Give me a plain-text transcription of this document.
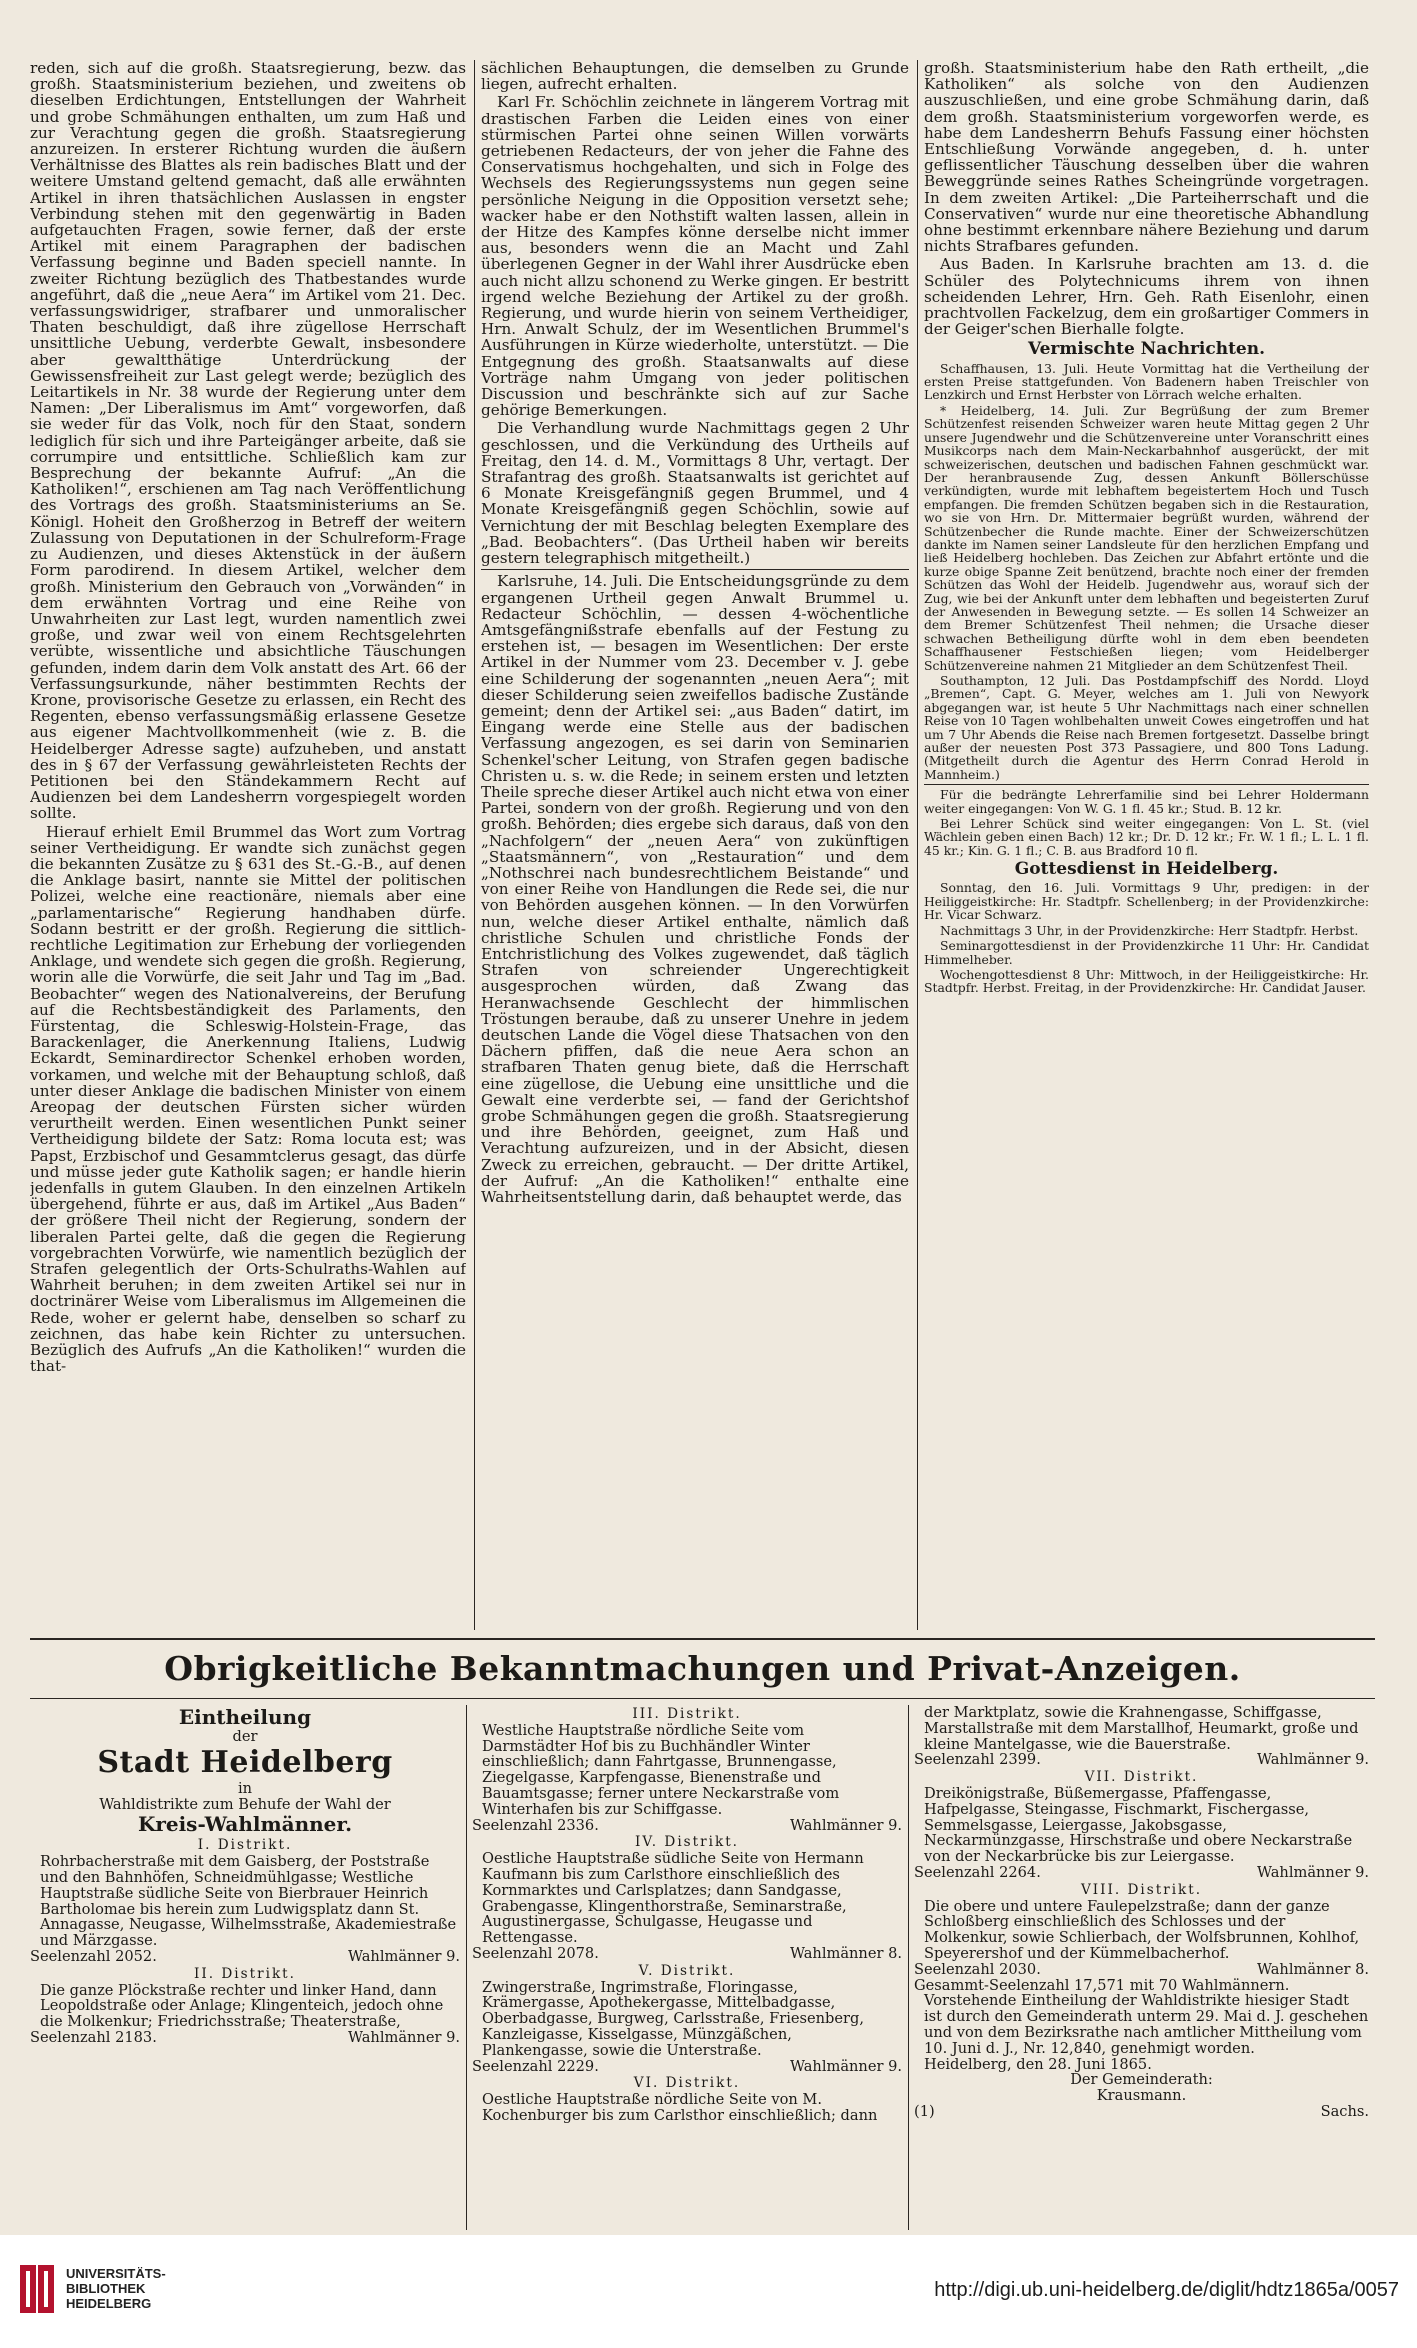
reden, sich auf die großh. Staatsregierung, bezw. das großh. Staatsministerium beziehen, und zweitens ob dieselben Erdichtungen, Entstellungen der Wahrheit und grobe Schmähungen enthalten, um zum Haß und zur Verachtung gegen die großh. Staatsregierung anzureizen. In ersterer Richtung wurden die äußern Verhältnisse des Blattes als rein badisches Blatt und der weitere Umstand geltend gemacht, daß alle erwähnten Artikel in ihren thatsächlichen Auslassen in engster Verbindung stehen mit den gegenwärtig in Baden aufgetauchten Fragen, sowie ferner, daß der erste Artikel mit einem Paragraphen der badischen Verfassung beginne und Baden speciell nannte. In zweiter Richtung bezüglich des Thatbestandes wurde angeführt, daß die „neue Aera“ im Artikel vom 21. Dec. verfassungswidriger, strafbarer und unmoralischer Thaten beschuldigt, daß ihre zügellose Herrschaft unsittliche Uebung, verderbte Gewalt, insbesondere aber gewaltthätige Unterdrückung der Gewissensfreiheit zur Last gelegt werde; bezüglich des Leitartikels in Nr. 38 wurde der Regierung unter dem Namen: „Der Liberalismus im Amt“ vorgeworfen, daß sie weder für das Volk, noch für den Staat, sondern lediglich für sich und ihre Parteigänger arbeite, daß sie corrumpire und entsittliche. Schließlich kam zur Besprechung der bekannte Aufruf: „An die Katholiken!“, erschienen am Tag nach Veröffentlichung des Vortrags des großh. Staatsministeriums an Se. Königl. Hoheit den Großherzog in Betreff der weitern Zulassung von Deputationen in der Schulreform-Frage zu Audienzen, und dieses Aktenstück in der äußern Form parodirend. In diesem Artikel, welcher dem großh. Ministerium den Gebrauch von „Vorwänden“ in dem erwähnten Vortrag und eine Reihe von Unwahrheiten zur Last legt, wurden namentlich zwei große, und zwar weil von einem Rechtsgelehrten verübte, wissentliche und absichtliche Täuschungen gefunden, indem darin dem Volk anstatt des Art. 66 der Verfassungsurkunde, näher bestimmten Rechts der Krone, provisorische Gesetze zu erlassen, ein Recht des Regenten, ebenso verfassungsmäßig erlassene Gesetze aus eigener Machtvollkommenheit (wie z. B. die Heidelberger Adresse sagte) aufzuheben, und anstatt des in § 67 der Verfassung gewährleisteten Rechts der Petitionen bei den Ständekammern Recht auf Audienzen bei dem Landesherrn vorgespiegelt worden sollte.

Hierauf erhielt Emil Brummel das Wort zum Vortrag seiner Vertheidigung. Er wandte sich zunächst gegen die bekannten Zusätze zu § 631 des St.-G.-B., auf denen die Anklage basirt, nannte sie Mittel der politischen Polizei, welche eine reactionäre, niemals aber eine „parlamentarische“ Regierung handhaben dürfe. Sodann bestritt er der großh. Regierung die sittlich-rechtliche Legitimation zur Erhebung der vorliegenden Anklage, und wendete sich gegen die großh. Regierung, worin alle die Vorwürfe, die seit Jahr und Tag im „Bad. Beobachter“ wegen des Nationalvereins, der Berufung auf die Rechtsbeständigkeit des Parlaments, den Fürstentag, die Schleswig-Holstein-Frage, das Barackenlager, die Anerkennung Italiens, Ludwig Eckardt, Seminardirector Schenkel erhoben worden, vorkamen, und welche mit der Behauptung schloß, daß unter dieser Anklage die badischen Minister von einem Areopag der deutschen Fürsten sicher würden verurtheilt werden. Einen wesentlichen Punkt seiner Vertheidigung bildete der Satz: Roma locuta est; was Papst, Erzbischof und Gesammtclerus gesagt, das dürfe und müsse jeder gute Katholik sagen; er handle hierin jedenfalls in gutem Glauben. In den einzelnen Artikeln übergehend, führte er aus, daß im Artikel „Aus Baden“ der größere Theil nicht der Regierung, sondern der liberalen Partei gelte, daß die gegen die Regierung vorgebrachten Vorwürfe, wie namentlich bezüglich der Strafen gelegentlich der Orts-Schulraths-Wahlen auf Wahrheit beruhen; in dem zweiten Artikel sei nur in doctrinärer Weise vom Liberalismus im Allgemeinen die Rede, woher er gelernt habe, denselben so scharf zu zeichnen, das habe kein Richter zu untersuchen. Bezüglich des Aufrufs „An die Katholiken!“ wurden die that-

sächlichen Behauptungen, die demselben zu Grunde liegen, aufrecht erhalten.

Karl Fr. Schöchlin zeichnete in längerem Vortrag mit drastischen Farben die Leiden eines von einer stürmischen Partei ohne seinen Willen vorwärts getriebenen Redacteurs, der von jeher die Fahne des Conservatismus hochgehalten, und sich in Folge des Wechsels des Regierungssystems nun gegen seine persönliche Neigung in die Opposition versetzt sehe; wacker habe er den Nothstift walten lassen, allein in der Hitze des Kampfes könne derselbe nicht immer aus, besonders wenn die an Macht und Zahl überlegenen Gegner in der Wahl ihrer Ausdrücke eben auch nicht allzu schonend zu Werke gingen. Er bestritt irgend welche Beziehung der Artikel zu der großh. Regierung, und wurde hierin von seinem Vertheidiger, Hrn. Anwalt Schulz, der im Wesentlichen Brummel's Ausführungen in Kürze wiederholte, unterstützt. — Die Entgegnung des großh. Staatsanwalts auf diese Vorträge nahm Umgang von jeder politischen Discussion und beschränkte sich auf zur Sache gehörige Bemerkungen.

Die Verhandlung wurde Nachmittags gegen 2 Uhr geschlossen, und die Verkündung des Urtheils auf Freitag, den 14. d. M., Vormittags 8 Uhr, vertagt. Der Strafantrag des großh. Staatsanwalts ist gerichtet auf 6 Monate Kreisgefängniß gegen Brummel, und 4 Monate Kreisgefängniß gegen Schöchlin, sowie auf Vernichtung der mit Beschlag belegten Exemplare des „Bad. Beobachters“. (Das Urtheil haben wir bereits gestern telegraphisch mitgetheilt.)

Karlsruhe, 14. Juli. Die Entscheidungsgründe zu dem ergangenen Urtheil gegen Anwalt Brummel u. Redacteur Schöchlin, — dessen 4-wöchentliche Amtsgefängnißstrafe ebenfalls auf der Festung zu erstehen ist, — besagen im Wesentlichen: Der erste Artikel in der Nummer vom 23. December v. J. gebe eine Schilderung der sogenannten „neuen Aera“; mit dieser Schilderung seien zweifellos badische Zustände gemeint; denn der Artikel sei: „aus Baden“ datirt, im Eingang werde eine Stelle aus der badischen Verfassung angezogen, es sei darin von Seminarien Schenkel'scher Leitung, von Strafen gegen badische Christen u. s. w. die Rede; in seinem ersten und letzten Theile spreche dieser Artikel auch nicht etwa von einer Partei, sondern von der großh. Regierung und von den großh. Behörden; dies ergebe sich daraus, daß von den „Nachfolgern“ der „neuen Aera“ von zukünftigen „Staatsmännern“, von „Restauration“ und dem „Nothschrei nach bundesrechtlichem Beistande“ und von einer Reihe von Handlungen die Rede sei, die nur von Behörden ausgehen können. — In den Vorwürfen nun, welche dieser Artikel enthalte, nämlich daß christliche Schulen und christliche Fonds der Entchristlichung des Volkes zugewendet, daß täglich Strafen von schreiender Ungerechtigkeit ausgesprochen würden, daß Zwang das Heranwachsende Geschlecht der himmlischen Tröstungen beraube, daß zu unserer Unehre in jedem deutschen Lande die Vögel diese Thatsachen von den Dächern pfiffen, daß die neue Aera schon an strafbaren Thaten genug biete, daß die Herrschaft eine zügellose, die Uebung eine unsittliche und die Gewalt eine verderbte sei, — fand der Gerichtshof grobe Schmähungen gegen die großh. Staatsregierung und ihre Behörden, geeignet, zum Haß und Verachtung aufzureizen, und in der Absicht, diesen Zweck zu erreichen, gebraucht. — Der dritte Artikel, der Aufruf: „An die Katholiken!“ enthalte eine Wahrheitsentstellung darin, daß behauptet werde, das

großh. Staatsministerium habe den Rath ertheilt, „die Katholiken“ als solche von den Audienzen auszuschließen, und eine grobe Schmähung darin, daß dem großh. Staatsministerium vorgeworfen werde, es habe dem Landesherrn Behufs Fassung einer höchsten Entschließung Vorwände angegeben, d. h. unter geflissentlicher Täuschung desselben über die wahren Beweggründe seines Rathes Scheingründe vorgetragen. In dem zweiten Artikel: „Die Parteiherrschaft und die Conservativen“ wurde nur eine theoretische Abhandlung ohne bestimmt erkennbare nähere Beziehung und darum nichts Strafbares gefunden.

Aus Baden. In Karlsruhe brachten am 13. d. die Schüler des Polytechnicums ihrem von ihnen scheidenden Lehrer, Hrn. Geh. Rath Eisenlohr, einen prachtvollen Fackelzug, dem ein großartiger Commers in der Geiger'schen Bierhalle folgte.

Vermischte Nachrichten.

Schaffhausen, 13. Juli. Heute Vormittag hat die Vertheilung der ersten Preise stattgefunden. Von Badenern haben Treischler von Lenzkirch und Ernst Herbster von Lörrach welche erhalten.

* Heidelberg, 14. Juli. Zur Begrüßung der zum Bremer Schützenfest reisenden Schweizer waren heute Mittag gegen 2 Uhr unsere Jugendwehr und die Schützenvereine unter Voranschritt eines Musikcorps nach dem Main-Neckarbahnhof ausgerückt, der mit schweizerischen, deutschen und badischen Fahnen geschmückt war. Der heranbrausende Zug, dessen Ankunft Böllerschüsse verkündigten, wurde mit lebhaftem begeistertem Hoch und Tusch empfangen. Die fremden Schützen begaben sich in die Restauration, wo sie von Hrn. Dr. Mittermaier begrüßt wurden, während der Schützenbecher die Runde machte. Einer der Schweizerschützen dankte im Namen seiner Landsleute für den herzlichen Empfang und ließ Heidelberg hochleben. Das Zeichen zur Abfahrt ertönte und die kurze obige Spanne Zeit benützend, brachte noch einer der fremden Schützen das Wohl der Heidelb. Jugendwehr aus, worauf sich der Zug, wie bei der Ankunft unter dem lebhaften und begeisterten Zuruf der Anwesenden in Bewegung setzte. — Es sollen 14 Schweizer an dem Bremer Schützenfest Theil nehmen; die Ursache dieser schwachen Betheiligung dürfte wohl in dem eben beendeten Schaffhausener Festschießen liegen; vom Heidelberger Schützenvereine nahmen 21 Mitglieder an dem Schützenfest Theil.

Southampton, 12 Juli. Das Postdampfschiff des Nordd. Lloyd „Bremen“, Capt. G. Meyer, welches am 1. Juli von Newyork abgegangen war, ist heute 5 Uhr Nachmittags nach einer schnellen Reise von 10 Tagen wohlbehalten unweit Cowes eingetroffen und hat um 7 Uhr Abends die Reise nach Bremen fortgesetzt. Dasselbe bringt außer der neuesten Post 373 Passagiere, und 800 Tons Ladung. (Mitgetheilt durch die Agentur des Herrn Conrad Herold in Mannheim.)

Für die bedrängte Lehrerfamilie sind bei Lehrer Holdermann weiter eingegangen: Von W. G. 1 fl. 45 kr.; Stud. B. 12 kr.

Bei Lehrer Schück sind weiter eingegangen: Von L. St. (viel Wächlein geben einen Bach) 12 kr.; Dr. D. 12 kr.; Fr. W. 1 fl.; L. L. 1 fl. 45 kr.; Kin. G. 1 fl.; C. B. aus Bradford 10 fl.

Gottesdienst in Heidelberg.

Sonntag, den 16. Juli. Vormittags 9 Uhr, predigen: in der Heiliggeistkirche: Hr. Stadtpfr. Schellenberg; in der Providenzkirche: Hr. Vicar Schwarz.

Nachmittags 3 Uhr, in der Providenzkirche: Herr Stadtpfr. Herbst.

Seminargottesdienst in der Providenzkirche 11 Uhr: Hr. Candidat Himmelheber.

Wochengottesdienst 8 Uhr: Mittwoch, in der Heiliggeistkirche: Hr. Stadtpfr. Herbst. Freitag, in der Providenzkirche: Hr. Candidat Jauser.

Obrigkeitliche Bekanntmachungen und Privat-Anzeigen.
Eintheilung
der
Stadt Heidelberg
in
Wahldistrikte zum Behufe der Wahl der
Kreis-Wahlmänner.
I. Distrikt.
Rohrbacherstraße mit dem Gaisberg, der Poststraße und den Bahnhöfen, Schneidmühlgasse; Westliche Hauptstraße südliche Seite von Bierbrauer Heinrich Bartholomae bis herein zum Ludwigsplatz dann St. Annagasse, Neugasse, Wilhelmsstraße, Akademiestraße und Märzgasse.
Seelenzahl 2052.	Wahlmänner 9.
II. Distrikt.
Die ganze Plöckstraße rechter und linker Hand, dann Leopoldstraße oder Anlage; Klingenteich, jedoch ohne die Molkenkur; Friedrichsstraße; Theaterstraße,
Seelenzahl 2183.	Wahlmänner 9.
III. Distrikt.
Westliche Hauptstraße nördliche Seite vom Darmstädter Hof bis zu Buchhändler Winter einschließlich; dann Fahrtgasse, Brunnengasse, Ziegelgasse, Karpfengasse, Bienenstraße und Bauamtsgasse; ferner untere Neckarstraße vom Winterhafen bis zur Schiffgasse.
Seelenzahl 2336.	Wahlmänner 9.
IV. Distrikt.
Oestliche Hauptstraße südliche Seite von Hermann Kaufmann bis zum Carlsthore einschließlich des Kornmarktes und Carlsplatzes; dann Sandgasse, Grabengasse, Klingenthorstraße, Seminarstraße, Augustinergasse, Schulgasse, Heugasse und Rettengasse.
Seelenzahl 2078.	Wahlmänner 8.
V. Distrikt.
Zwingerstraße, Ingrimstraße, Floringasse, Krämergasse, Apothekergasse, Mittelbadgasse, Oberbadgasse, Burgweg, Carlsstraße, Friesenberg, Kanzleigasse, Kisselgasse, Münzgäßchen, Plankengasse, sowie die Unterstraße.
Seelenzahl 2229.	Wahlmänner 9.
VI. Distrikt.
Oestliche Hauptstraße nördliche Seite von M. Kochenburger bis zum Carlsthor einschließlich; dann
der Marktplatz, sowie die Krahnengasse, Schiffgasse, Marstallstraße mit dem Marstallhof, Heumarkt, große und kleine Mantelgasse, wie die Bauerstraße.
Seelenzahl 2399.	Wahlmänner 9.
VII. Distrikt.
Dreikönigstraße, Büßemergasse, Pfaffengasse, Hafpelgasse, Steingasse, Fischmarkt, Fischergasse, Semmelsgasse, Leiergasse, Jakobsgasse, Neckarmünzgasse, Hirschstraße und obere Neckarstraße von der Neckarbrücke bis zur Leiergasse.
Seelenzahl 2264.	Wahlmänner 9.
VIII. Distrikt.
Die obere und untere Faulepelzstraße; dann der ganze Schloßberg einschließlich des Schlosses und der Molkenkur, sowie Schlierbach, der Wolfsbrunnen, Kohlhof, Speyerershof und der Kümmelbacherhof.
Seelenzahl 2030.	Wahlmänner 8.
Gesammt-Seelenzahl 17,571 mit 70 Wahlmännern.
Vorstehende Eintheilung der Wahldistrikte hiesiger Stadt ist durch den Gemeinderath unterm 29. Mai d. J. geschehen und von dem Bezirksrathe nach amtlicher Mittheilung vom 10. Juni d. J., Nr. 12,840, genehmigt worden.
Heidelberg, den 28. Juni 1865.
Der Gemeinderath:
Krausmann.
(1)	Sachs.
UNIVERSITÄTS-
BIBLIOTHEK
HEIDELBERG
http://digi.ub.uni-heidelberg.de/diglit/hdtz1865a/0057
